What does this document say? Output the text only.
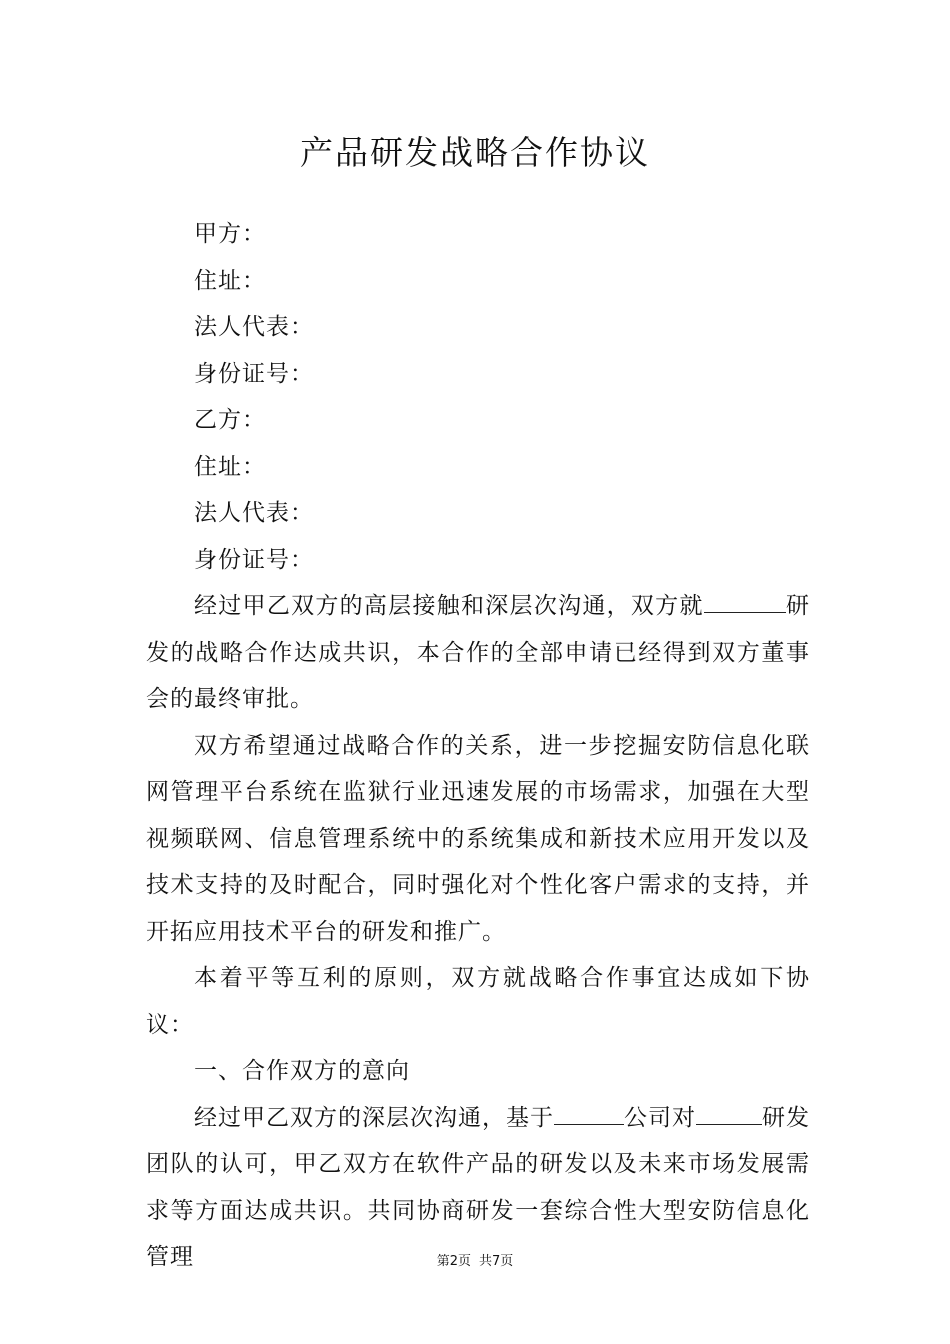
产品研发战略合作协议

甲方：

住址：

法人代表：

身份证号：

乙方：

住址：

法人代表：

身份证号：

经过甲乙双方的高层接触和深层次沟通，双方就	研发的战略合作达成共识，本合作的全部申请已经得到双方董事会的最终审批。

双方希望通过战略合作的关系，进一步挖掘安防信息化联网管理平台系统在监狱行业迅速发展的市场需求，加强在大型视频联网、信息管理系统中的系统集成和新技术应用开发以及技术支持的及时配合，同时强化对个性化客户需求的支持，并开拓应用技术平台的研发和推广。

本着平等互利的原则，双方就战略合作事宜达成如下协议：

一、合作双方的意向

经过甲乙双方的深层次沟通，基于	公司对	研发团队的认可，甲乙双方在软件产品的研发以及未来市场发展需求等方面达成共识。共同协商研发一套综合性大型安防信息化管理	第2页 共7页
